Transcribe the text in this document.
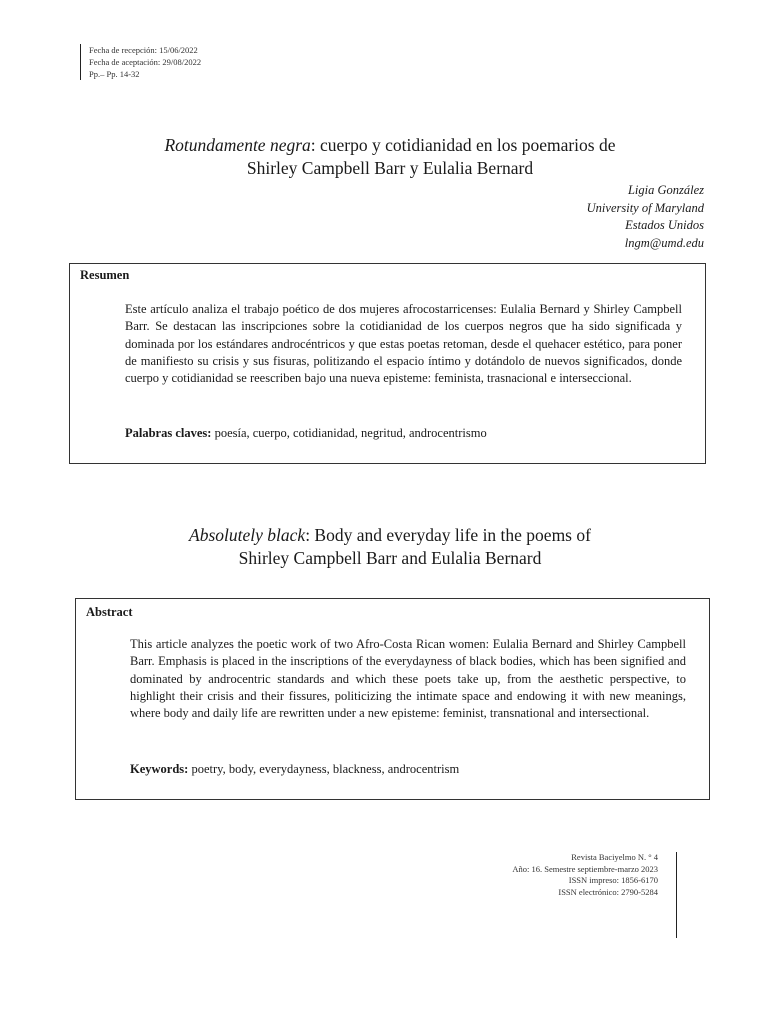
Fecha de recepción: 15/06/2022
Fecha de aceptación: 29/08/2022
Pp.– Pp. 14-32
Rotundamente negra: cuerpo y cotidianidad en los poemarios de
Shirley Campbell Barr y Eulalia Bernard
Ligia González
University of Maryland
Estados Unidos
lngm@umd.edu
Resumen
Este artículo analiza el trabajo poético de dos mujeres afrocostarricenses: Eulalia Bernard y Shirley Campbell Barr. Se destacan las inscripciones sobre la cotidianidad de los cuerpos negros que ha sido significada y dominada por los estándares androcéntricos y que estas poetas retoman, desde el quehacer estético, para poner de manifiesto su crisis y sus fisuras, politizando el espacio íntimo y dotándolo de nuevos significados, donde cuerpo y cotidianidad se reescriben bajo una nueva episteme: feminista, trasnacional e interseccional.
Palabras claves: poesía, cuerpo, cotidianidad, negritud, androcentrismo
Absolutely black: Body and everyday life in the poems of
Shirley Campbell Barr and Eulalia Bernard
Abstract
This article analyzes the poetic work of two Afro-Costa Rican women: Eulalia Bernard and Shirley Campbell Barr. Emphasis is placed in the inscriptions of the everydayness of black bodies, which has been signified and dominated by androcentric standards and which these poets take up, from the aesthetic perspective, to highlight their crisis and their fissures, politicizing the intimate space and endowing it with new meanings, where body and daily life are rewritten under a new episteme: feminist, transnational and intersectional.
Keywords: poetry, body, everydayness, blackness, androcentrism
Revista Baciyelmo N. ° 4
Año: 16. Semestre septiembre-marzo 2023
ISSN impreso: 1856-6170
ISSN electrónico: 2790-5284
